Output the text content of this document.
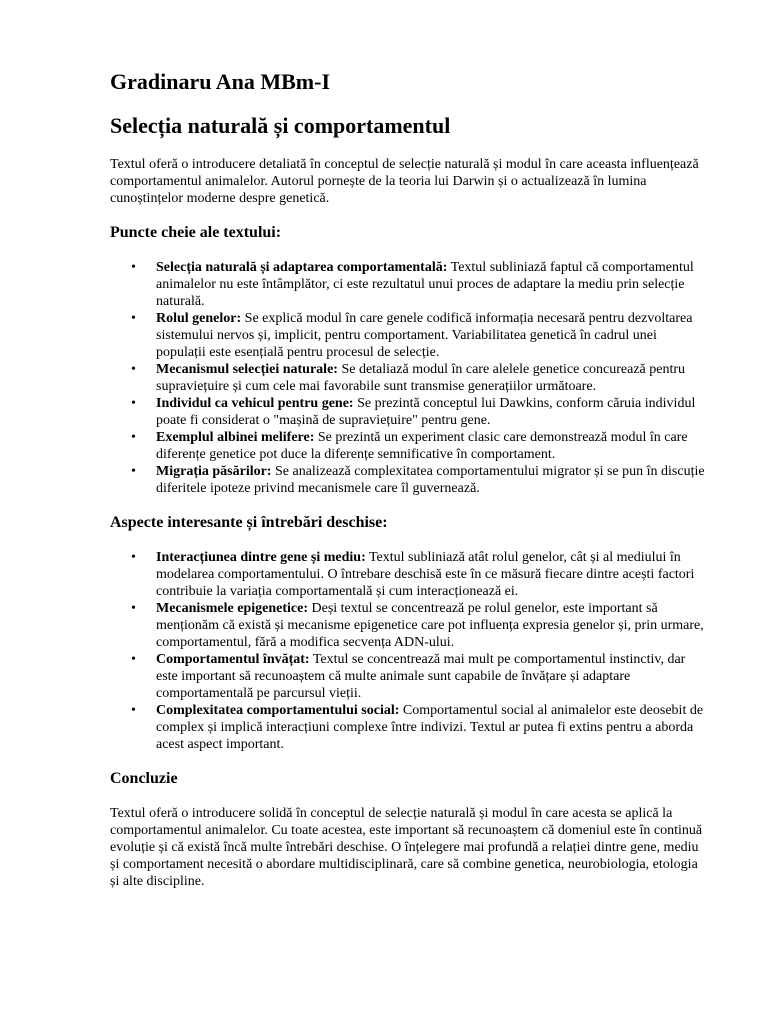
Gradinaru Ana MBm-I
Selecția naturală și comportamentul

Textul oferă o introducere detaliată în conceptul de selecție naturală și modul în care aceasta influențează comportamentul animalelor. Autorul pornește de la teoria lui Darwin și o actualizează în lumina cunoștințelor moderne despre genetică.

Puncte cheie ale textului:
• Selecția naturală și adaptarea comportamentală: Textul subliniază faptul că comportamentul animalelor nu este întâmplător, ci este rezultatul unui proces de adaptare la mediu prin selecție naturală.
• Rolul genelor: Se explică modul în care genele codifică informația necesară pentru dezvoltarea sistemului nervos și, implicit, pentru comportament. Variabilitatea genetică în cadrul unei populații este esențială pentru procesul de selecție.
• Mecanismul selecției naturale: Se detaliază modul în care alelele genetice concurează pentru supraviețuire și cum cele mai favorabile sunt transmise generațiilor următoare.
• Individul ca vehicul pentru gene: Se prezintă conceptul lui Dawkins, conform căruia individul poate fi considerat o "mașină de supraviețuire" pentru gene.
• Exemplul albinei melifere: Se prezintă un experiment clasic care demonstrează modul în care diferențe genetice pot duce la diferențe semnificative în comportament.
• Migrația păsărilor: Se analizează complexitatea comportamentului migrator și se pun în discuție diferitele ipoteze privind mecanismele care îl guvernează.
Aspecte interesante și întrebări deschise:
• Interacțiunea dintre gene și mediu: Textul subliniază atât rolul genelor, cât și al mediului în modelarea comportamentului. O întrebare deschisă este în ce măsură fiecare dintre acești factori contribuie la variația comportamentală și cum interacționează ei.
• Mecanismele epigenetice: Deși textul se concentrează pe rolul genelor, este important să menționăm că există și mecanisme epigenetice care pot influența expresia genelor și, prin urmare, comportamentul, fără a modifica secvența ADN-ului.
• Comportamentul învățat: Textul se concentrează mai mult pe comportamentul instinctiv, dar este important să recunoaștem că multe animale sunt capabile de învățare și adaptare comportamentală pe parcursul vieții.
• Complexitatea comportamentului social: Comportamentul social al animalelor este deosebit de complex și implică interacțiuni complexe între indivizi. Textul ar putea fi extins pentru a aborda acest aspect important.
Concluzie

Textul oferă o introducere solidă în conceptul de selecție naturală și modul în care acesta se aplică la comportamentul animalelor. Cu toate acestea, este important să recunoaștem că domeniul este în continuă evoluție și că există încă multe întrebări deschise. O înțelegere mai profundă a relației dintre gene, mediu și comportament necesită o abordare multidisciplinară, care să combine genetica, neurobiologia, etologia și alte discipline.
